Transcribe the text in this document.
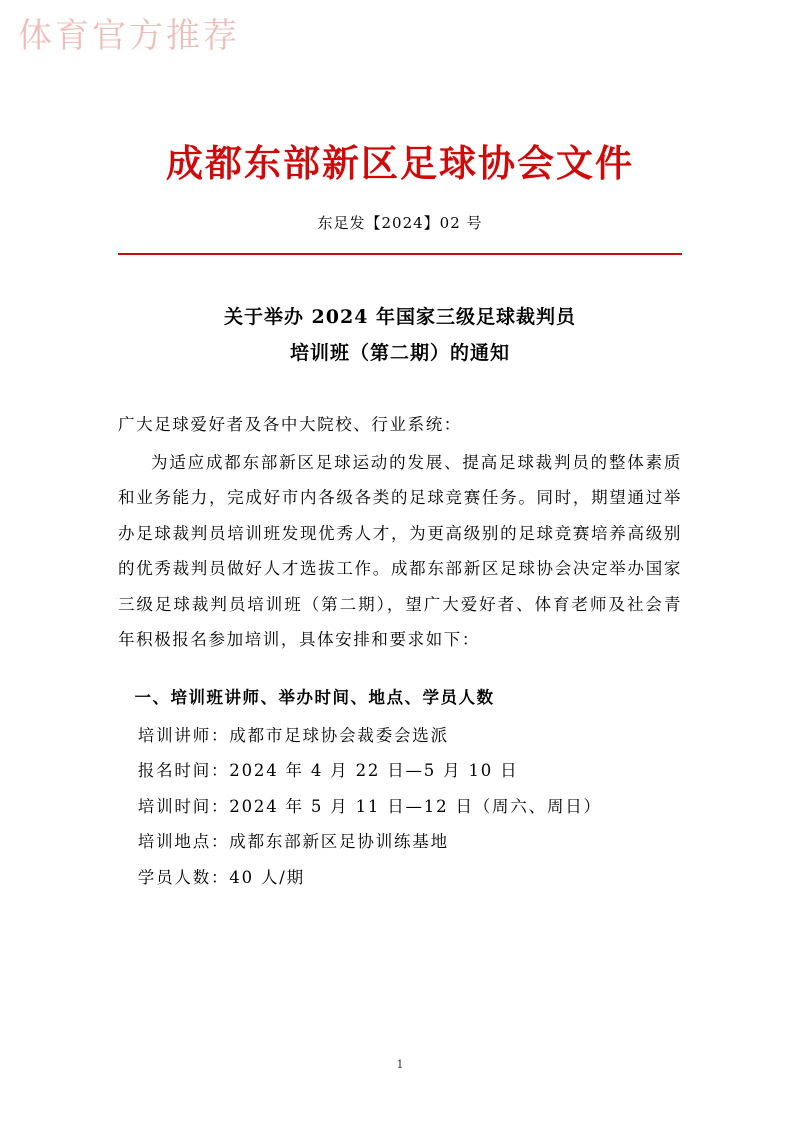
体育官方推荐
成都东部新区足球协会文件
东足发【2024】02 号
关于举办 2024 年国家三级足球裁判员
培训班（第二期）的通知
广大足球爱好者及各中大院校、行业系统：
为适应成都东部新区足球运动的发展、提高足球裁判员的整体素质和业务能力，完成好市内各级各类的足球竞赛任务。同时，期望通过举办足球裁判员培训班发现优秀人才，为更高级别的足球竞赛培养高级别的优秀裁判员做好人才选拔工作。成都东部新区足球协会决定举办国家三级足球裁判员培训班（第二期），望广大爱好者、体育老师及社会青年积极报名参加培训，具体安排和要求如下：
一、培训班讲师、举办时间、地点、学员人数
培训讲师：成都市足球协会裁委会选派
报名时间：2024 年 4 月 22 日—5 月 10 日
培训时间：2024 年 5 月 11 日—12 日（周六、周日）
培训地点：成都东部新区足协训练基地
学员人数：40 人/期
1
